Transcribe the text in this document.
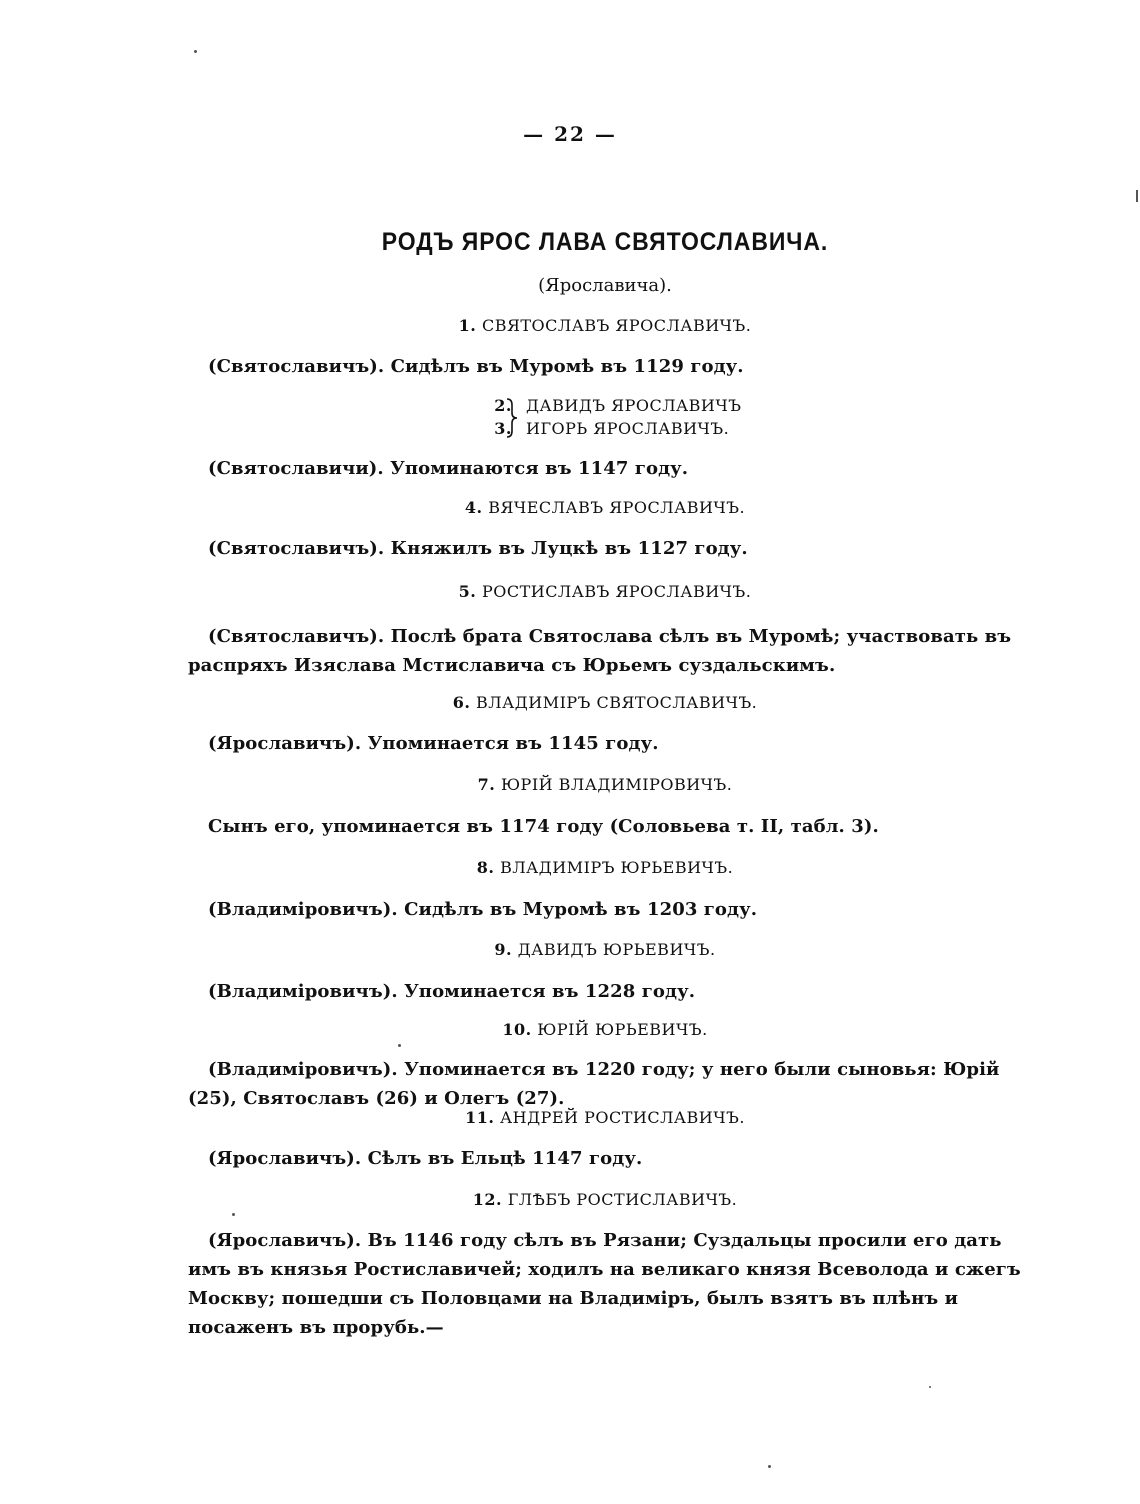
— 22 —
РОДЪ ЯРОС ЛАВА СВЯТОСЛАВИЧА.
(Ярославича).
1. СВЯТОСЛАВЪ ЯРОСЛАВИЧЪ.
(Святославичъ). Сидѣлъ въ Муромѣ въ 1129 году.
2. ДАВИДЪ ЯРОСЛАВИЧЪ
3. ИГОРЬ ЯРОСЛАВИЧЪ.
(Святославичи). Упоминаются въ 1147 году.
4. ВЯЧЕСЛАВЪ ЯРОСЛАВИЧЪ.
(Святославичъ). Княжилъ въ Луцкѣ въ 1127 году.
5. РОСТИСЛАВЪ ЯРОСЛАВИЧЪ.
(Святославичъ). Послѣ брата Святослава сѣлъ въ Муромѣ; участвовать въ распряхъ Изяслава Мстиславича съ Юрьемъ суздальскимъ.
6. ВЛАДИМІРЪ СВЯТОСЛАВИЧЪ.
(Ярославичъ). Упоминается въ 1145 году.
7. ЮРІЙ ВЛАДИМІРОВИЧЪ.
Сынъ его, упоминается въ 1174 году (Соловьева т. II, табл. 3).
8. ВЛАДИМІРЪ ЮРЬЕВИЧЪ.
(Владиміровичъ). Сидѣлъ въ Муромѣ въ 1203 году.
9. ДАВИДЪ ЮРЬЕВИЧЪ.
(Владиміровичъ). Упоминается въ 1228 году.
10. ЮРІЙ ЮРЬЕВИЧЪ.
(Владиміровичъ). Упоминается въ 1220 году; у него были сыновья: Юрій (25), Святославъ (26) и Олегъ (27).
11. АНДРЕЙ РОСТИСЛАВИЧЪ.
(Ярославичъ). Сѣлъ въ Ельцѣ 1147 году.
12. ГЛѢБЪ РОСТИСЛАВИЧЪ.
(Ярославичъ). Въ 1146 году сѣлъ въ Рязани; Суздальцы просили его дать имъ въ князья Ростиславичей; ходилъ на великаго князя Всеволода и сжегъ Москву; пошедши съ Половцами на Владиміръ, былъ взятъ въ плѣнъ и посаженъ въ прорубь.—
